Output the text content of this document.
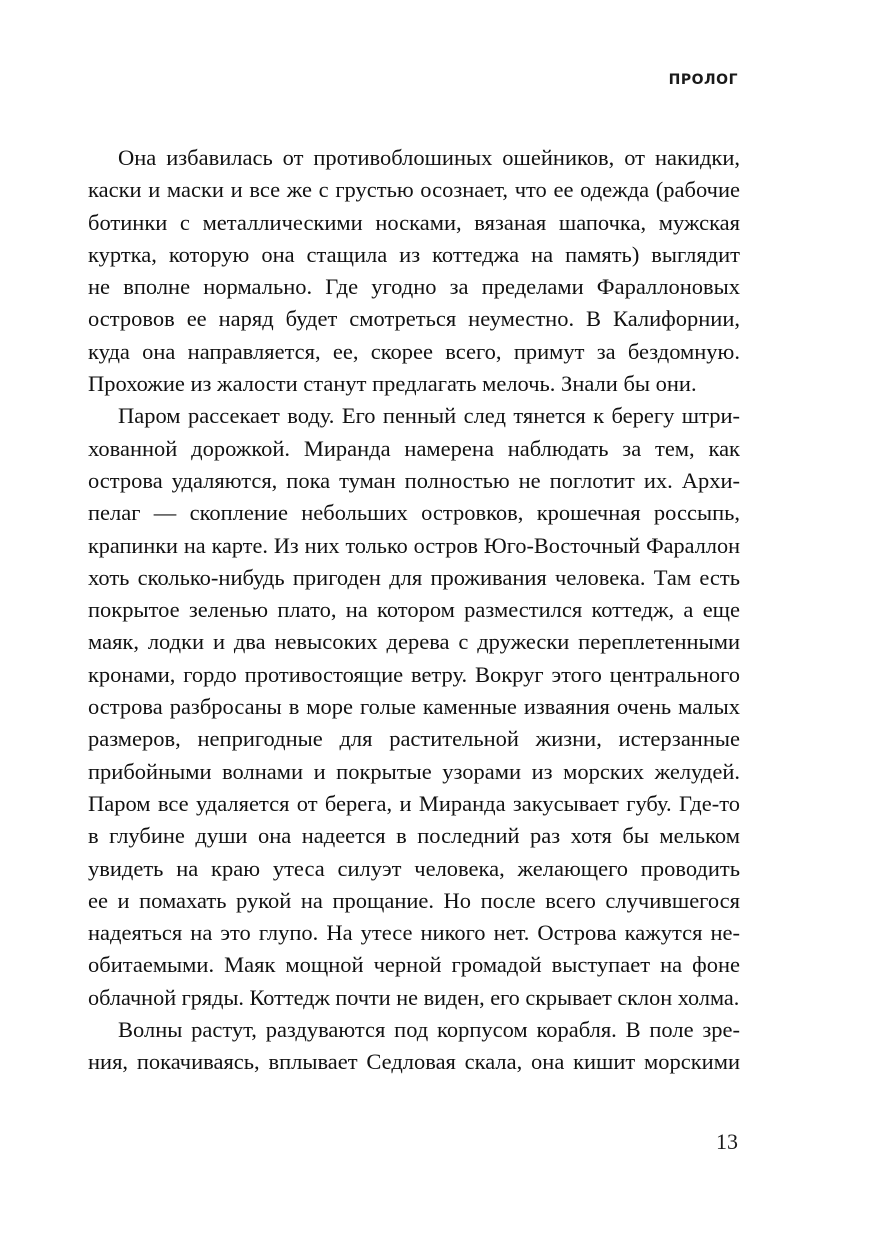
ПРОЛОГ
Она избавилась от противоблошиных ошейников, от накидки,
каски и маски и все же с грустью осознает, что ее одежда (рабочие
ботинки с металлическими носками, вязаная шапочка, мужская
куртка, которую она стащила из коттеджа на память) выглядит
не вполне нормально. Где угодно за пределами Фараллоновых
островов ее наряд будет смотреться неуместно. В Калифорнии,
куда она направляется, ее, скорее всего, примут за бездомную.
Прохожие из жалости станут предлагать мелочь. Знали бы они.
Паром рассекает воду. Его пенный след тянется к берегу штри-
хованной дорожкой. Миранда намерена наблюдать за тем, как
острова удаляются, пока туман полностью не поглотит их. Архи-
пелаг — скопление небольших островков, крошечная россыпь,
крапинки на карте. Из них только остров Юго-Восточный Фараллон
хоть сколько-нибудь пригоден для проживания человека. Там есть
покрытое зеленью плато, на котором разместился коттедж, а еще
маяк, лодки и два невысоких дерева с дружески переплетенными
кронами, гордо противостоящие ветру. Вокруг этого центрального
острова разбросаны в море голые каменные изваяния очень малых
размеров, непригодные для растительной жизни, истерзанные
прибойными волнами и покрытые узорами из морских желудей.
Паром все удаляется от берега, и Миранда закусывает губу. Где-то
в глубине души она надеется в последний раз хотя бы мельком
увидеть на краю утеса силуэт человека, желающего проводить
ее и помахать рукой на прощание. Но после всего случившегося
надеяться на это глупо. На утесе никого нет. Острова кажутся не-
обитаемыми. Маяк мощной черной громадой выступает на фоне
облачной гряды. Коттедж почти не виден, его скрывает склон холма.
Волны растут, раздуваются под корпусом корабля. В поле зре-
ния, покачиваясь, вплывает Седловая скала, она кишит морскими
13
